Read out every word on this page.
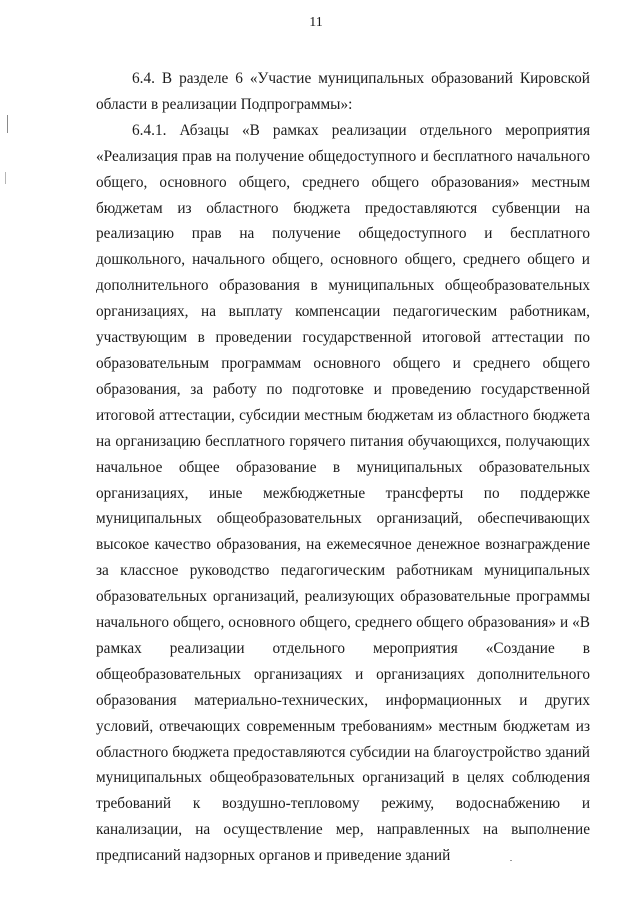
11

6.4. В разделе 6 «Участие муниципальных образований Кировской области в реализации Подпрограммы»:

6.4.1. Абзацы «В рамках реализации отдельного мероприятия «Реализация прав на получение общедоступного и бесплатного начального общего, основного общего, среднего общего образования» местным бюджетам из областного бюджета предоставляются субвенции на реализацию прав на получение общедоступного и бесплатного дошкольного, начального общего, основного общего, среднего общего и дополнительного образования в муниципальных общеобразовательных организациях, на выплату компенсации педагогическим работникам, участвующим в проведении государственной итоговой аттестации по образовательным программам основного общего и среднего общего образования, за работу по подготовке и проведению государственной итоговой аттестации, субсидии местным бюджетам из областного бюджета на организацию бесплатного горячего питания обучающихся, получающих начальное общее образование в муниципальных образовательных организациях, иные межбюджетные трансферты по поддержке муниципальных общеобразовательных организаций, обеспечивающих высокое качество образования, на ежемесячное денежное вознаграждение за классное руководство педагогическим работникам муниципальных образовательных организаций, реализующих образовательные программы начального общего, основного общего, среднего общего образования» и «В рамках реализации отдельного мероприятия «Создание в общеобразовательных организациях и организациях дополнительного образования материально-технических, информационных и других условий, отвечающих современным требованиям» местным бюджетам из областного бюджета предоставляются субсидии на благоустройство зданий муниципальных общеобразовательных организаций в целях соблюдения требований к воздушно-тепловому режиму, водоснабжению и канализации, на осуществление мер, направленных на выполнение предписаний надзорных органов и приведение зданий
